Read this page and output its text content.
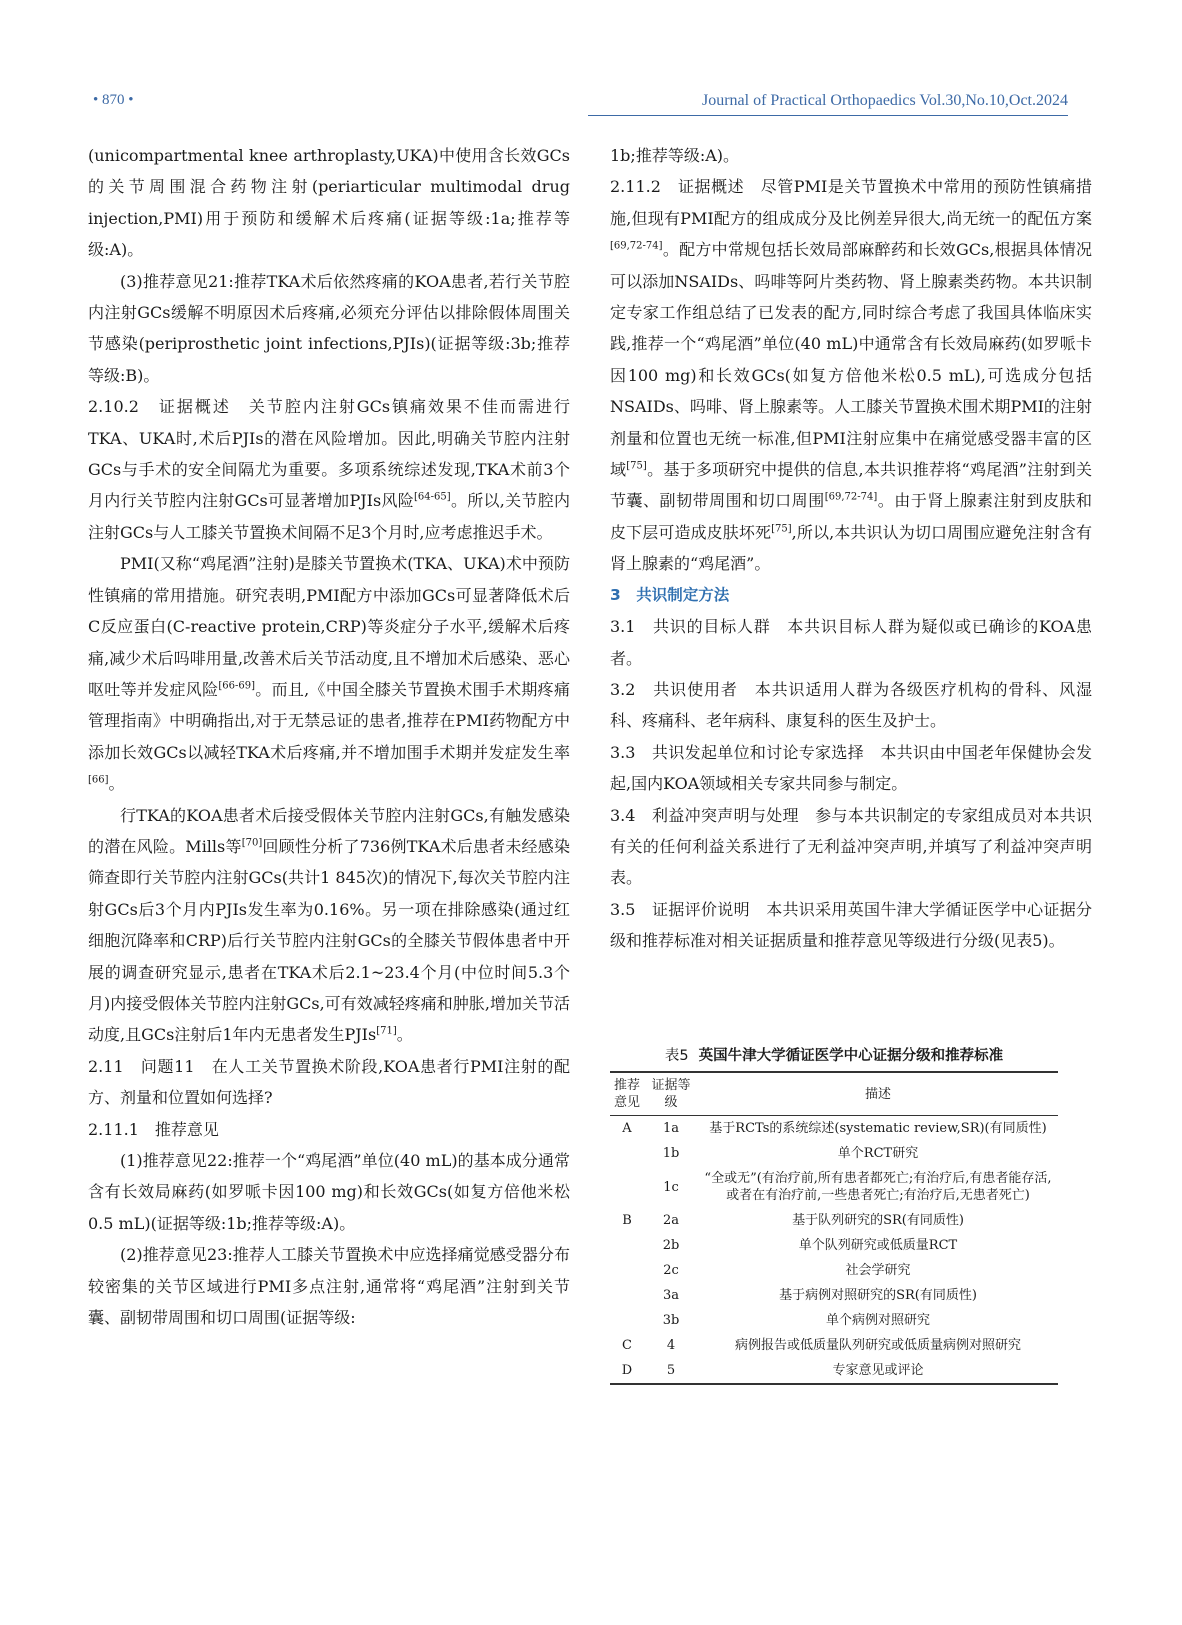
• 870 •	Journal of Practical Orthopaedics Vol.30,No.10,Oct.2024

(unicompartmental knee arthroplasty,UKA)中使用含长效GCs的关节周围混合药物注射(periarticular multimodal drug injection,PMI)用于预防和缓解术后疼痛(证据等级:1a;推荐等级:A)。

(3)推荐意见21:推荐TKA术后依然疼痛的KOA患者,若行关节腔内注射GCs缓解不明原因术后疼痛,必须充分评估以排除假体周围关节感染(periprosthetic joint infections,PJIs)(证据等级:3b;推荐等级:B)。

2.10.2　证据概述　关节腔内注射GCs镇痛效果不佳而需进行TKA、UKA时,术后PJIs的潜在风险增加。因此,明确关节腔内注射GCs与手术的安全间隔尤为重要。多项系统综述发现,TKA术前3个月内行关节腔内注射GCs可显著增加PJIs风险[64-65]。所以,关节腔内注射GCs与人工膝关节置换术间隔不足3个月时,应考虑推迟手术。

PMI(又称“鸡尾酒”注射)是膝关节置换术(TKA、UKA)术中预防性镇痛的常用措施。研究表明,PMI配方中添加GCs可显著降低术后C反应蛋白(C-reactive protein,CRP)等炎症分子水平,缓解术后疼痛,减少术后吗啡用量,改善术后关节活动度,且不增加术后感染、恶心呕吐等并发症风险[66-69]。而且,《中国全膝关节置换术围手术期疼痛管理指南》中明确指出,对于无禁忌证的患者,推荐在PMI药物配方中添加长效GCs以减轻TKA术后疼痛,并不增加围手术期并发症发生率[66]。

行TKA的KOA患者术后接受假体关节腔内注射GCs,有触发感染的潜在风险。Mills等[70]回顾性分析了736例TKA术后患者未经感染筛查即行关节腔内注射GCs(共计1 845次)的情况下,每次关节腔内注射GCs后3个月内PJIs发生率为0.16%。另一项在排除感染(通过红细胞沉降率和CRP)后行关节腔内注射GCs的全膝关节假体患者中开展的调查研究显示,患者在TKA术后2.1~23.4个月(中位时间5.3个月)内接受假体关节腔内注射GCs,可有效减轻疼痛和肿胀,增加关节活动度,且GCs注射后1年内无患者发生PJIs[71]。

2.11　问题11　在人工关节置换术阶段,KOA患者行PMI注射的配方、剂量和位置如何选择?

2.11.1　推荐意见

(1)推荐意见22:推荐一个“鸡尾酒”单位(40 mL)的基本成分通常含有长效局麻药(如罗哌卡因100 mg)和长效GCs(如复方倍他米松0.5 mL)(证据等级:1b;推荐等级:A)。

(2)推荐意见23:推荐人工膝关节置换术中应选择痛觉感受器分布较密集的关节区域进行PMI多点注射,通常将“鸡尾酒”注射到关节囊、副韧带周围和切口周围(证据等级:

1b;推荐等级:A)。

2.11.2　证据概述　尽管PMI是关节置换术中常用的预防性镇痛措施,但现有PMI配方的组成成分及比例差异很大,尚无统一的配伍方案[69,72-74]。配方中常规包括长效局部麻醉药和长效GCs,根据具体情况可以添加NSAIDs、吗啡等阿片类药物、肾上腺素类药物。本共识制定专家工作组总结了已发表的配方,同时综合考虑了我国具体临床实践,推荐一个“鸡尾酒”单位(40 mL)中通常含有长效局麻药(如罗哌卡因100 mg)和长效GCs(如复方倍他米松0.5 mL),可选成分包括NSAIDs、吗啡、肾上腺素等。人工膝关节置换术围术期PMI的注射剂量和位置也无统一标准,但PMI注射应集中在痛觉感受器丰富的区域[75]。基于多项研究中提供的信息,本共识推荐将“鸡尾酒”注射到关节囊、副韧带周围和切口周围[69,72-74]。由于肾上腺素注射到皮肤和皮下层可造成皮肤坏死[75],所以,本共识认为切口周围应避免注射含有肾上腺素的“鸡尾酒”。

3　共识制定方法

3.1　共识的目标人群　本共识目标人群为疑似或已确诊的KOA患者。

3.2　共识使用者　本共识适用人群为各级医疗机构的骨科、风湿科、疼痛科、老年病科、康复科的医生及护士。

3.3　共识发起单位和讨论专家选择　本共识由中国老年保健协会发起,国内KOA领域相关专家共同参与制定。

3.4　利益冲突声明与处理　参与本共识制定的专家组成员对本共识有关的任何利益关系进行了无利益冲突声明,并填写了利益冲突声明表。

3.5　证据评价说明　本共识采用英国牛津大学循证医学中心证据分级和推荐标准对相关证据质量和推荐意见等级进行分级(见表5)。

表5 英国牛津大学循证医学中心证据分级和推荐标准
推荐意见	证据等级	描述
A	1a	基于RCTs的系统综述(systematic review,SR)(有同质性)
	1b	单个RCT研究
	1c	“全或无”(有治疗前,所有患者都死亡;有治疗后,有患者能存活,或者在有治疗前,一些患者死亡;有治疗后,无患者死亡)
B	2a	基于队列研究的SR(有同质性)
	2b	单个队列研究或低质量RCT
	2c	社会学研究
	3a	基于病例对照研究的SR(有同质性)
	3b	单个病例对照研究
C	4	病例报告或低质量队列研究或低质量病例对照研究
D	5	专家意见或评论
